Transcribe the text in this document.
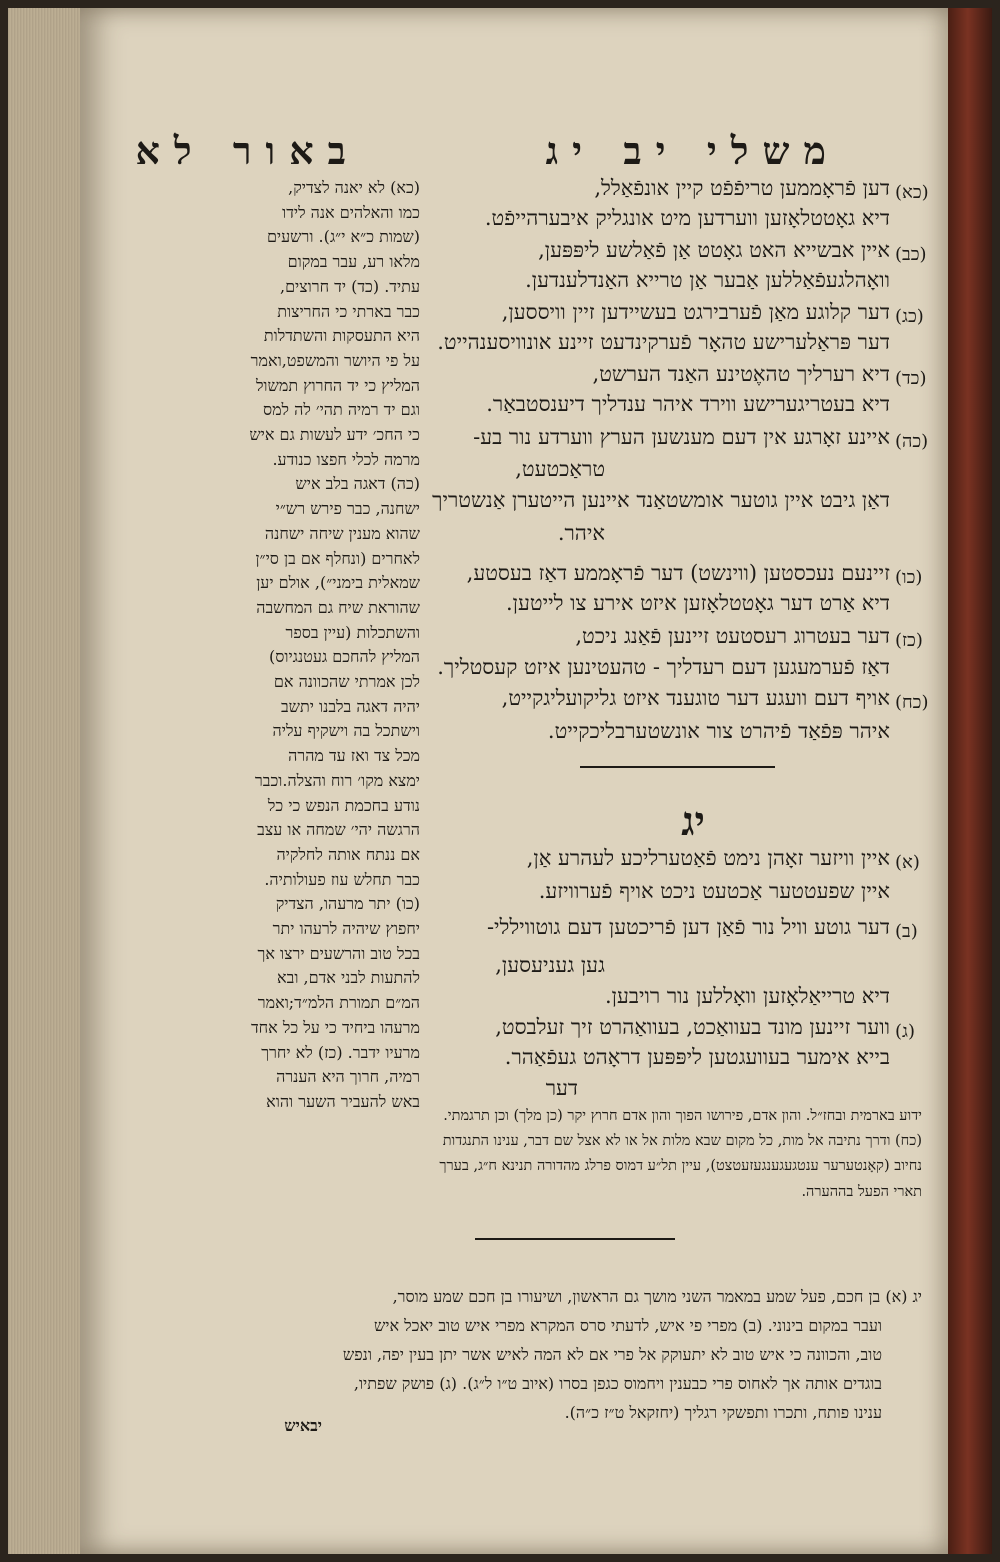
משלי יב יג
באור לא
יג
דער
יבאיש
(כא)
דען פֿראָממען טריפֿפֿט קיין אונפֿאַלל,
דיא גאָטטלאָזען ווערדען מיט אונגליק איבערהייפֿט.
(כב)
איין אבשייא האט גאָטט אַן פֿאַלשע ליפּפּען,
וואָהלגעפֿאַללען אַבער אַן טרייא האַנדלענדען.
(כג)
דער קלוגע מאַן פֿערבירגט בעשיידען זיין וויססען,
דער פּראַלערישע טהאָר פֿערקינדעט זיינע אונוויסענהייט.
(כד)
דיא רערליך טהאֶטינע האַנד הערשט,
דיא בעטריגערישע ווירד איהר ענדליך דיענסטבאַר.
(כה)
איינע זאָרגע אין דעם מענשען הערץ ווערדע נור בע-
טראַכטעט,
דאַן גיבט איין גוטער אומשטאַנד איינען הייטערן אַנשטריך
איהר.
(כו)
זיינעם נעכסטען (ווינשט) דער פֿראָממע דאַז בעסטע,
דיא אַרט דער גאָטטלאָזען איזט אירע צו לייטען.
(כז)
דער בעטרוג רעסטעט זיינען פֿאַנג ניכט,
דאַז פֿערמעגען דעם רעדליך - טהעטינען איזט קעסטליך.
(כח)
אויף דעם וועגע דער טוגענד איזט גליקועליגקייט,
איהר פּפֿאַד פֿיהרט צור אונשטערבליכקייט.
(א)
איין וויזער זאָהן נימט פֿאַטערליכע לעהרע אַן,
איין שפעטטער אַכטעט ניכט אויף פֿערוויזע.
(ב)
דער גוטע וויל נור פֿאַן דען פֿריכטען דעם גוטוויללי-
גען געניעסען,
דיא טרייאַלאָזען וואָללען נור רויבען.
(ג)
ווער זיינען מונד בעוואַכט, בעוואַהרט זיך זעלבסט,
בייא אימער בעוועגטען ליפּפּען דראָהט געפֿאַהר.
(כא) לא יאנה לצדיק,
כמו והאלהים אנה לידו
(שמות כ״א י״ג). ורשעים
מלאו רע, עבר במקום
עתיד. (כד) יד חרוצים,
כבר בארתי כי החריצות
היא התעסקות והשתדלות
על פי היושר והמשפט,ואמר
המליץ כי יד החרוץ תמשול
וגם יד רמיה תהי׳ לה למס
כי החכ׳ ידע לעשות גם איש
מרמה לכלי חפצו כנודע.
(כה) דאגה בלב איש
ישחנה, כבר פירש רש״י
שהוא מענין שיחה ישחנה
לאחרים (ונחלף אם בן סי״ן
שמאלית בימני״), אולם יען
שהוראת שיח גם המחשבה
והשתכלות (עיין בספר
המליץ להחכם געטנגיוס)
לכן אמרתי שהכוונה אם
יהיה דאגה בלבנו יתשב
וישתכל בה וישקיף עליה
מכל צד ואז עד מהרה
ימצא מקו׳ רוח והצלה.וכבר
נודע בחכמת הנפש כי כל
הרגשה יהי׳ שמחה או עצב
אם ננתח אותה לחלקיה
כבר תחלש עוז פעולותיה.
(כו) יתר מרעהו, הצדיק
יחפוץ שיהיה לרעהו יתר
בכל טוב והרשעים ירצו אך
להתעות לבני אדם, ובא
המ״ם תמורת הלמ״ד;ואמר
מרעהו ביחיד כי על כל אחד
מרעיו ידבר. (כז) לא יחרך
רמיה, חרוך היא הענרה
באש להעביר השער והוא
ידוע בארמית ובחז״ל. והון אדם, פירושו הפוך והון אדם חרוץ יקר (כן מלך) וכן תרגמתי.
(כח) ודרך נתיבה אל מות, כל מקום שבא מלות אל או לא אצל שם דבר, ענינו התנגדות
נחיוב (קאָנטערער ענטגעגענגעזעטצט), עיין תל״ע דמוס פרלג מהדורה תנינא ח״ג, בערך
תארי הפעל בההערה.
יג (א) בן חכם, פעל שמע במאמר השני מושך גם הראשון, ושיעורו בן חכם שמע מוסר,
ועבר במקום בינוני. (ב) מפרי פי איש, לדעתי סרס המקרא מפרי איש טוב יאכל איש
טוב, והכוונה כי איש טוב לא יתעוקק אל פרי אם לא המה לאיש אשר יתן בעין יפה, ונפש
בוגדים אותה אך לאחוס פרי כבענין ויחמוס כגפן בסרו (איוב ט״ו ל״ג). (ג) פושק שפתיו,
ענינו פותח, ותכרו ותפשקי רגליך (יחזקאל ט״ז כ״ה).
